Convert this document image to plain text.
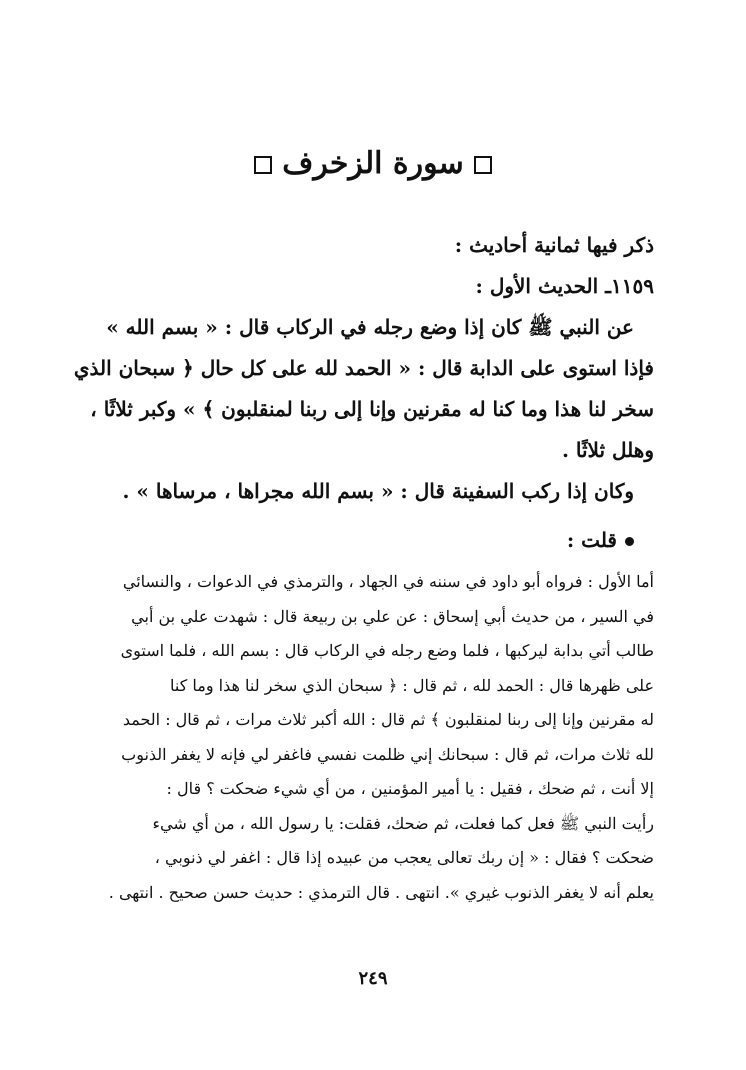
سورة الزخرف
ذكر فيها ثمانية أحاديث :
١١٥٩ـ الحديث الأول :
عن النبي ﷺ كان إذا وضع رجله في الركاب قال : « بسم الله »
فإذا استوى على الدابة قال : « الحمد لله على كل حال ﴿ سبحان الذي
سخر لنا هذا وما كنا له مقرنين وإنا إلى ربنا لمنقلبون ﴾ » وكبر ثلاثًا ،
وهلل ثلاثًا .
وكان إذا ركب السفينة قال : « بسم الله مجراها ، مرساها » .
قلت :
أما الأول : فرواه أبو داود في سننه في الجهاد ، والترمذي في الدعوات ، والنسائي
في السير ، من حديث أبي إسحاق : عن علي بن ربيعة قال : شهدت علي بن أبي
طالب أتي بدابة ليركبها ، فلما وضع رجله في الركاب قال : بسم الله ، فلما استوى
على ظهرها قال : الحمد لله ، ثم قال : ﴿ سبحان الذي سخر لنا هذا وما كنا
له مقرنين وإنا إلى ربنا لمنقلبون ﴾ ثم قال : الله أكبر ثلاث مرات ، ثم قال : الحمد
لله ثلاث مرات، ثم قال : سبحانك إني ظلمت نفسي فاغفر لي فإنه لا يغفر الذنوب
إلا أنت ، ثم ضحك ، فقيل : يا أمير المؤمنين ، من أي شيء ضحكت ؟ قال :
رأيت النبي ﷺ فعل كما فعلت، ثم ضحك، فقلت: يا رسول الله ، من أي شيء
ضحكت ؟ فقال : « إن ربك تعالى يعجب من عبيده إذا قال : اغفر لي ذنوبي ،
يعلم أنه لا يغفر الذنوب غيري ». انتهى . قال الترمذي : حديث حسن صحيح . انتهى .
٢٤٩
